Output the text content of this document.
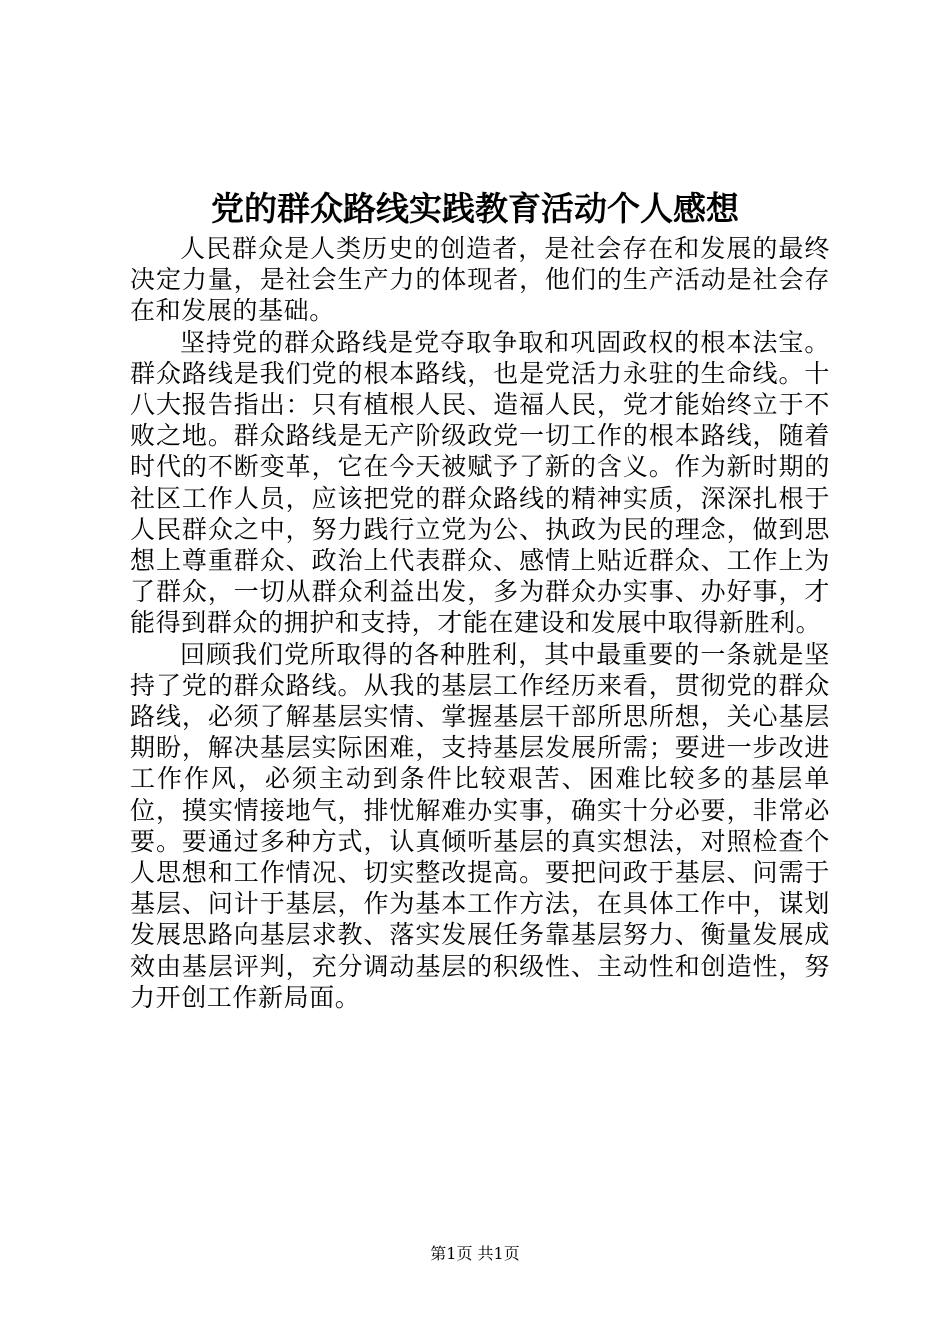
党的群众路线实践教育活动个人感想

人民群众是人类历史的创造者，是社会存在和发展的最终决定力量，是社会生产力的体现者，他们的生产活动是社会存在和发展的基础。

坚持党的群众路线是党夺取争取和巩固政权的根本法宝。群众路线是我们党的根本路线，也是党活力永驻的生命线。十八大报告指出：只有植根人民、造福人民，党才能始终立于不败之地。群众路线是无产阶级政党一切工作的根本路线，随着时代的不断变革，它在今天被赋予了新的含义。作为新时期的社区工作人员，应该把党的群众路线的精神实质，深深扎根于人民群众之中，努力践行立党为公、执政为民的理念，做到思想上尊重群众、政治上代表群众、感情上贴近群众、工作上为了群众，一切从群众利益出发，多为群众办实事、办好事，才能得到群众的拥护和支持，才能在建设和发展中取得新胜利。

回顾我们党所取得的各种胜利，其中最重要的一条就是坚持了党的群众路线。从我的基层工作经历来看，贯彻党的群众路线，必须了解基层实情、掌握基层干部所思所想，关心基层期盼，解决基层实际困难，支持基层发展所需；要进一步改进工作作风，必须主动到条件比较艰苦、困难比较多的基层单位，摸实情接地气，排忧解难办实事，确实十分必要，非常必要。要通过多种方式，认真倾听基层的真实想法，对照检查个人思想和工作情况、切实整改提高。要把问政于基层、问需于基层、问计于基层，作为基本工作方法，在具体工作中，谋划发展思路向基层求教、落实发展任务靠基层努力、衡量发展成效由基层评判，充分调动基层的积级性、主动性和创造性，努力开创工作新局面。

第1页 共1页
